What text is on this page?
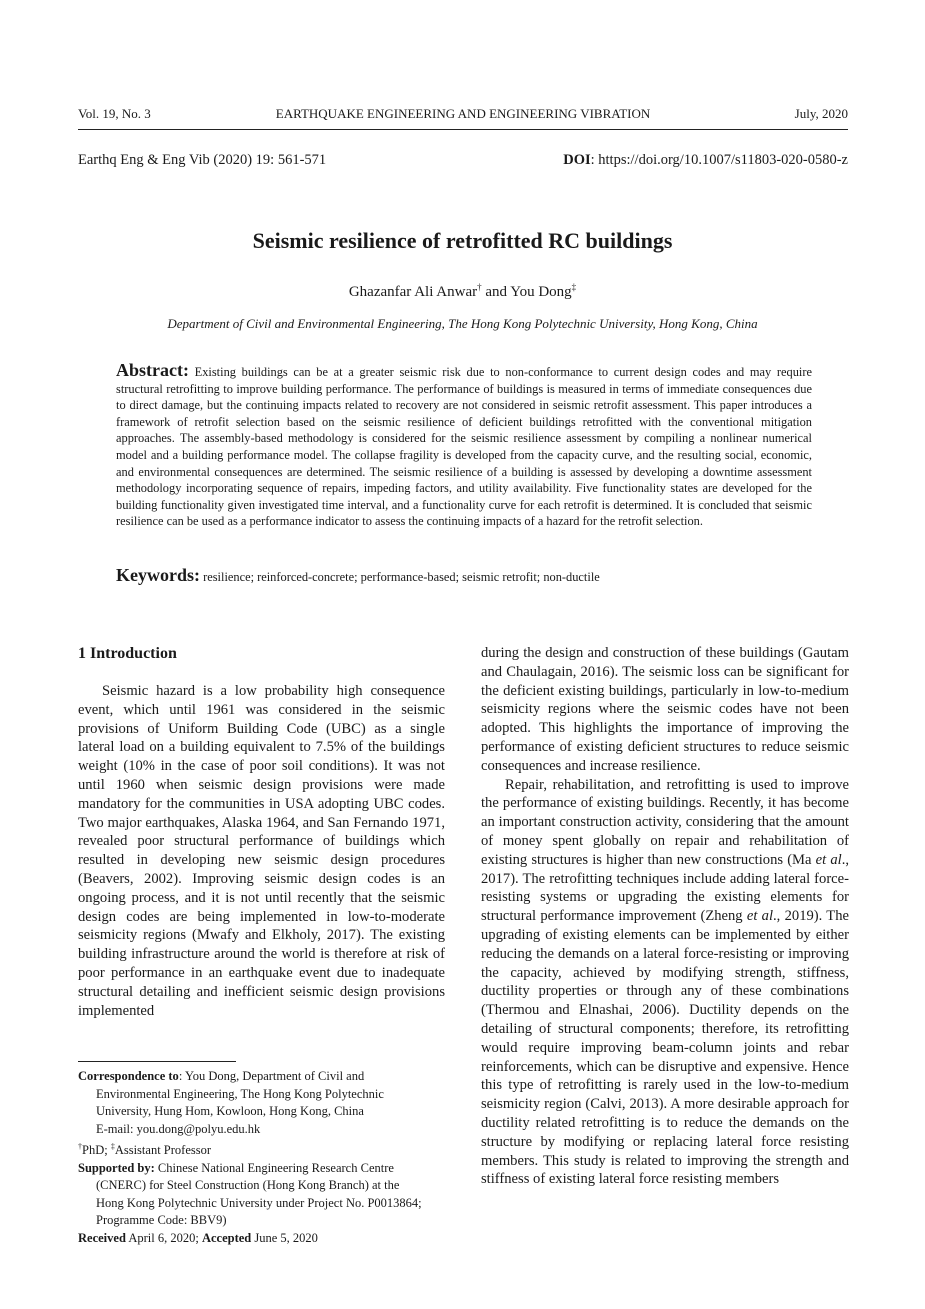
Vol. 19, No. 3	EARTHQUAKE ENGINEERING AND ENGINEERING VIBRATION	July, 2020
Earthq Eng & Eng Vib (2020) 19: 561-571	DOI: https://doi.org/10.1007/s11803-020-0580-z
Seismic resilience of retrofitted RC buildings
Ghazanfar Ali Anwar† and You Dong‡
Department of Civil and Environmental Engineering, The Hong Kong Polytechnic University, Hong Kong, China
Abstract: Existing buildings can be at a greater seismic risk due to non-conformance to current design codes and may require structural retrofitting to improve building performance. The performance of buildings is measured in terms of immediate consequences due to direct damage, but the continuing impacts related to recovery are not considered in seismic retrofit assessment. This paper introduces a framework of retrofit selection based on the seismic resilience of deficient buildings retrofitted with the conventional mitigation approaches. The assembly-based methodology is considered for the seismic resilience assessment by compiling a nonlinear numerical model and a building performance model. The collapse fragility is developed from the capacity curve, and the resulting social, economic, and environmental consequences are determined. The seismic resilience of a building is assessed by developing a downtime assessment methodology incorporating sequence of repairs, impeding factors, and utility availability. Five functionality states are developed for the building functionality given investigated time interval, and a functionality curve for each retrofit is determined. It is concluded that seismic resilience can be used as a performance indicator to assess the continuing impacts of a hazard for the retrofit selection.
Keywords: resilience; reinforced-concrete; performance-based; seismic retrofit; non-ductile
1 Introduction

Seismic hazard is a low probability high consequence event, which until 1961 was considered in the seismic provisions of Uniform Building Code (UBC) as a single lateral load on a building equivalent to 7.5% of the buildings weight (10% in the case of poor soil conditions). It was not until 1960 when seismic design provisions were made mandatory for the communities in USA adopting UBC codes. Two major earthquakes, Alaska 1964, and San Fernando 1971, revealed poor structural performance of buildings which resulted in developing new seismic design procedures (Beavers, 2002). Improving seismic design codes is an ongoing process, and it is not until recently that the seismic design codes are being implemented in low-to-moderate seismicity regions (Mwafy and Elkholy, 2017). The existing building infrastructure around the world is therefore at risk of poor performance in an earthquake event due to inadequate structural detailing and inefficient seismic design provisions implemented

during the design and construction of these buildings (Gautam and Chaulagain, 2016). The seismic loss can be significant for the deficient existing buildings, particularly in low-to-medium seismicity regions where the seismic codes have not been adopted. This highlights the importance of improving the performance of existing deficient structures to reduce seismic consequences and increase resilience.

Repair, rehabilitation, and retrofitting is used to improve the performance of existing buildings. Recently, it has become an important construction activity, considering that the amount of money spent globally on repair and rehabilitation of existing structures is higher than new constructions (Ma et al., 2017). The retrofitting techniques include adding lateral force-resisting systems or upgrading the existing elements for structural performance improvement (Zheng et al., 2019). The upgrading of existing elements can be implemented by either reducing the demands on a lateral force-resisting or improving the capacity, achieved by modifying strength, stiffness, ductility properties or through any of these combinations (Thermou and Elnashai, 2006). Ductility depends on the detailing of structural components; therefore, its retrofitting would require improving beam-column joints and rebar reinforcements, which can be disruptive and expensive. Hence this type of retrofitting is rarely used in the low-to-medium seismicity region (Calvi, 2013). A more desirable approach for ductility related retrofitting is to reduce the demands on the structure by modifying or replacing lateral force resisting members. This study is related to improving the strength and stiffness of existing lateral force resisting members

Correspondence to: You Dong, Department of Civil and
Environmental Engineering, The Hong Kong Polytechnic
University, Hung Hom, Kowloon, Hong Kong, China
E-mail: you.dong@polyu.edu.hk
†PhD; ‡Assistant Professor
Supported by: Chinese National Engineering Research Centre
(CNERC) for Steel Construction (Hong Kong Branch) at the
Hong Kong Polytechnic University under Project No. P0013864;
Programme Code: BBV9)
Received April 6, 2020; Accepted June 5, 2020
